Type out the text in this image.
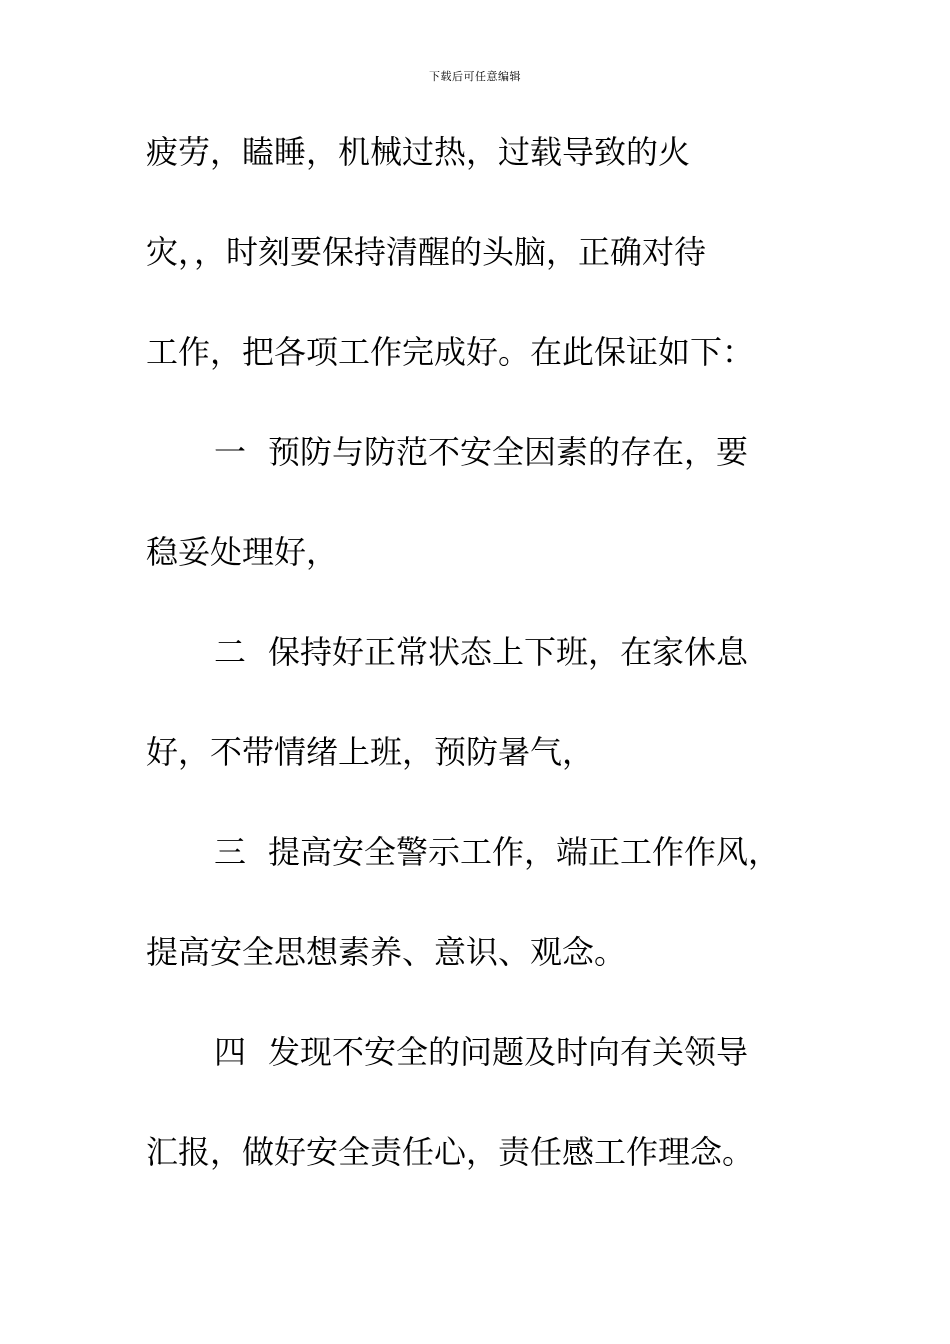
下载后可任意编辑
疲劳，瞌睡，机械过热，过载导致的火
灾，，时刻要保持清醒的头脑，正确对待
工作，把各项工作完成好。在此保证如下：
一 预防与防范不安全因素的存在，要
稳妥处理好，
二 保持好正常状态上下班，在家休息
好，不带情绪上班，预防暑气，
三 提高安全警示工作，端正工作作风，
提高安全思想素养、意识、观念。
四 发现不安全的问题及时向有关领导
汇报，做好安全责任心，责任感工作理念。
